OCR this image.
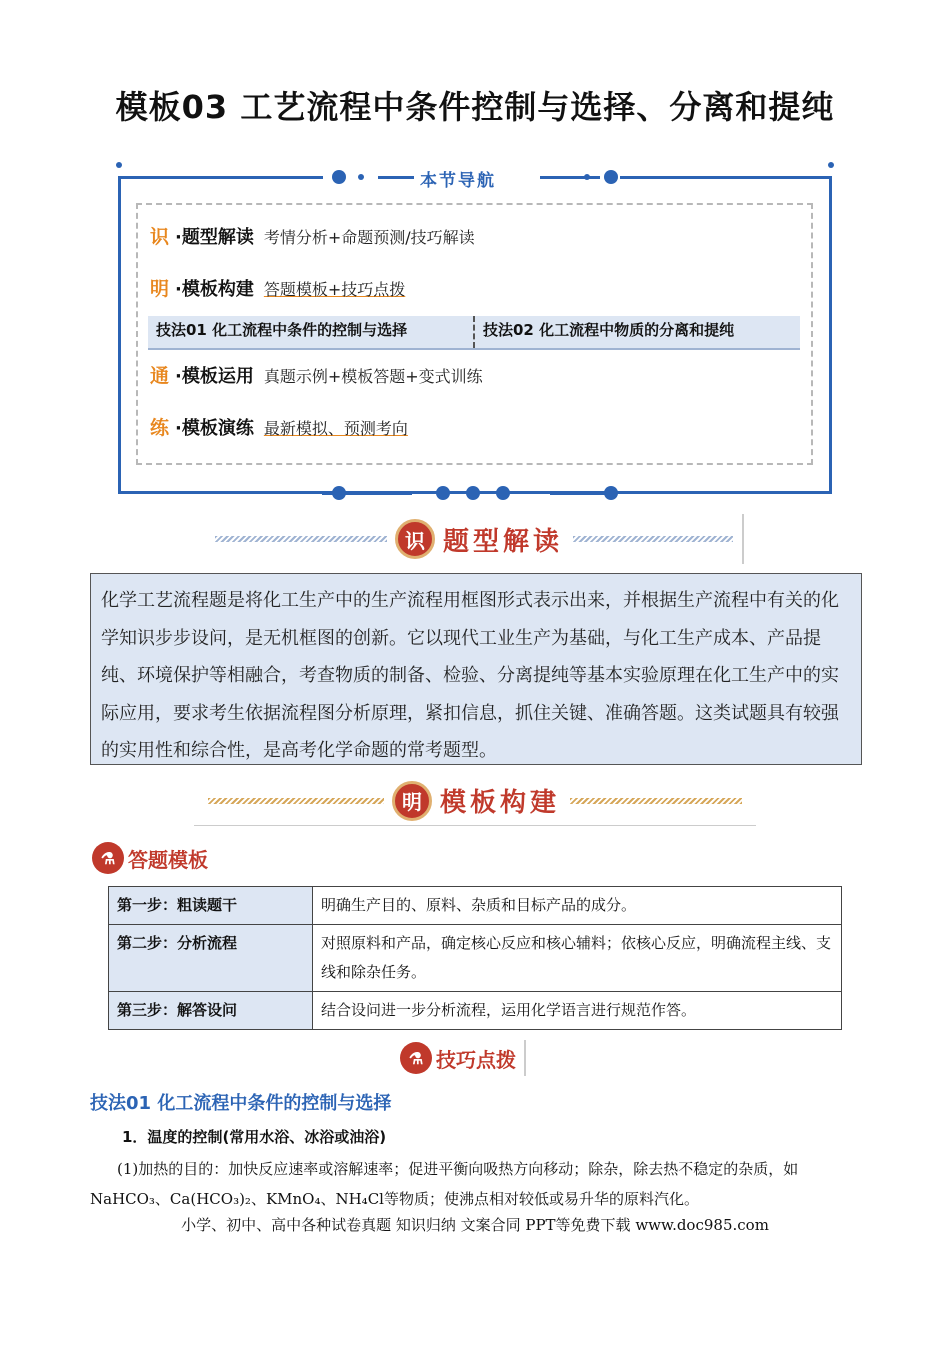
模板03 工艺流程中条件控制与选择、分离和提纯
本节导航
识 ·题型解读 考情分析+命题预测/技巧解读
明 ·模板构建 答题模板+技巧点拨
技法01 化工流程中条件的控制与选择	技法02 化工流程中物质的分离和提纯
通 ·模板运用 真题示例+模板答题+变式训练
练 ·模板演练 最新模拟、预测考向
识 题型解读
化学工艺流程题是将化工生产中的生产流程用框图形式表示出来，并根据生产流程中有关的化学知识步步设问，是无机框图的创新。它以现代工业生产为基础，与化工生产成本、产品提纯、环境保护等相融合，考查物质的制备、检验、分离提纯等基本实验原理在化工生产中的实际应用，要求考生依据流程图分析原理，紧扣信息，抓住关键、准确答题。这类试题具有较强的实用性和综合性，是高考化学命题的常考题型。
明 模板构建
⚗ 答题模板
第一步：粗读题干	明确生产目的、原料、杂质和目标产品的成分。
第二步：分析流程	对照原料和产品，确定核心反应和核心辅料；依核心反应，明确流程主线、支线和除杂任务。
第三步：解答设问	结合设问进一步分析流程，运用化学语言进行规范作答。
⚗ 技巧点拨
技法01 化工流程中条件的控制与选择
1．温度的控制(常用水浴、冰浴或油浴)
(1)加热的目的：加快反应速率或溶解速率；促进平衡向吸热方向移动；除杂，除去热不稳定的杂质，如NaHCO₃、Ca(HCO₃)₂、KMnO₄、NH₄Cl等物质；使沸点相对较低或易升华的原料汽化。
小学、初中、高中各种试卷真题 知识归纳 文案合同 PPT等免费下载 www.doc985.com
